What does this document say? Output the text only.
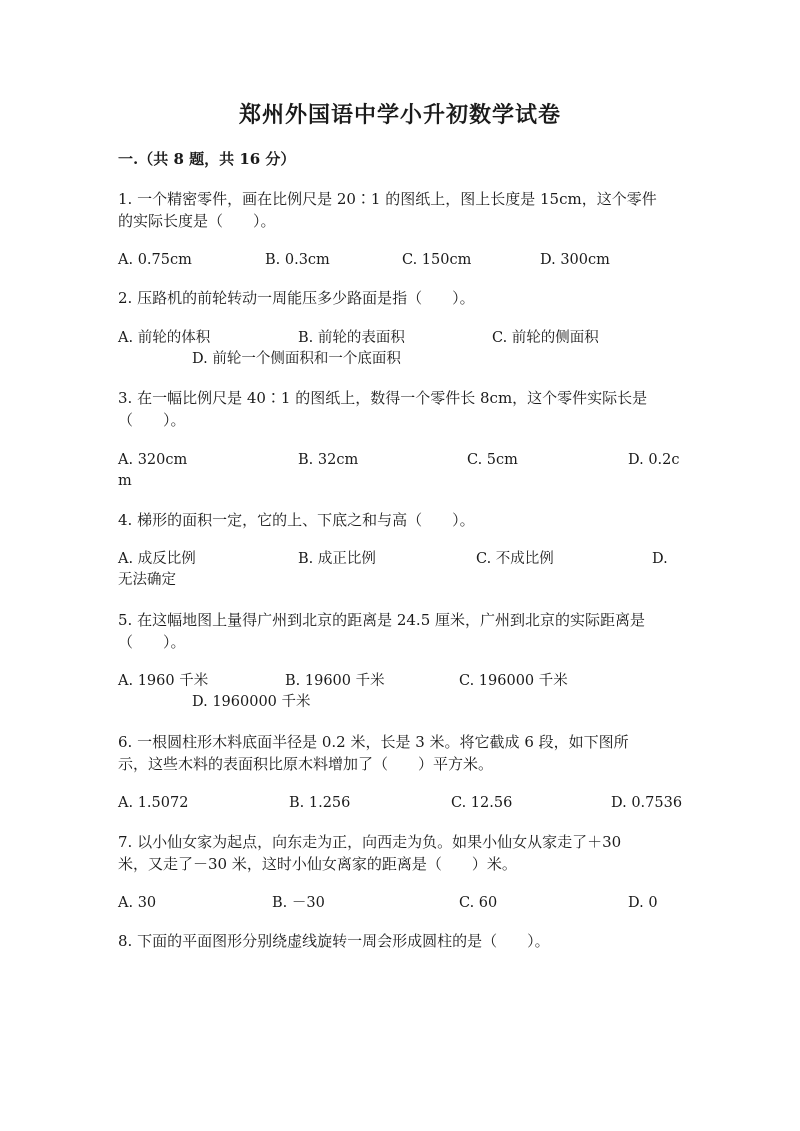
郑州外国语中学小升初数学试卷
一.（共 8 题，共 16 分）
1. 一个精密零件，画在比例尺是 20∶1 的图纸上，图上长度是 15cm，这个零件
的实际长度是（　　）。
A. 0.75cm	B. 0.3cm	C. 150cm	D. 300cm
2. 压路机的前轮转动一周能压多少路面是指（　　）。
A. 前轮的体积	B. 前轮的表面积	C. 前轮的侧面积
D. 前轮一个侧面积和一个底面积
3. 在一幅比例尺是 40∶1 的图纸上，数得一个零件长 8cm，这个零件实际长是
（　　）。
A. 320cm	B. 32cm	C. 5cm	D. 0.2c
m
4. 梯形的面积一定，它的上、下底之和与高（　　）。
A. 成反比例	B. 成正比例	C. 不成比例	D.
无法确定
5. 在这幅地图上量得广州到北京的距离是 24.5 厘米，广州到北京的实际距离是
（　　）。
A. 1960 千米	B. 19600 千米	C. 196000 千米
D. 1960000 千米
6. 一根圆柱形木料底面半径是 0.2 米，长是 3 米。将它截成 6 段，如下图所
示，这些木料的表面积比原木料增加了（　　）平方米。
A. 1.5072	B. 1.256	C. 12.56	D. 0.7536
7. 以小仙女家为起点，向东走为正，向西走为负。如果小仙女从家走了＋30
米，又走了－30 米，这时小仙女离家的距离是（　　）米。
A. 30	B. －30	C. 60	D. 0
8. 下面的平面图形分别绕虚线旋转一周会形成圆柱的是（　　）。
